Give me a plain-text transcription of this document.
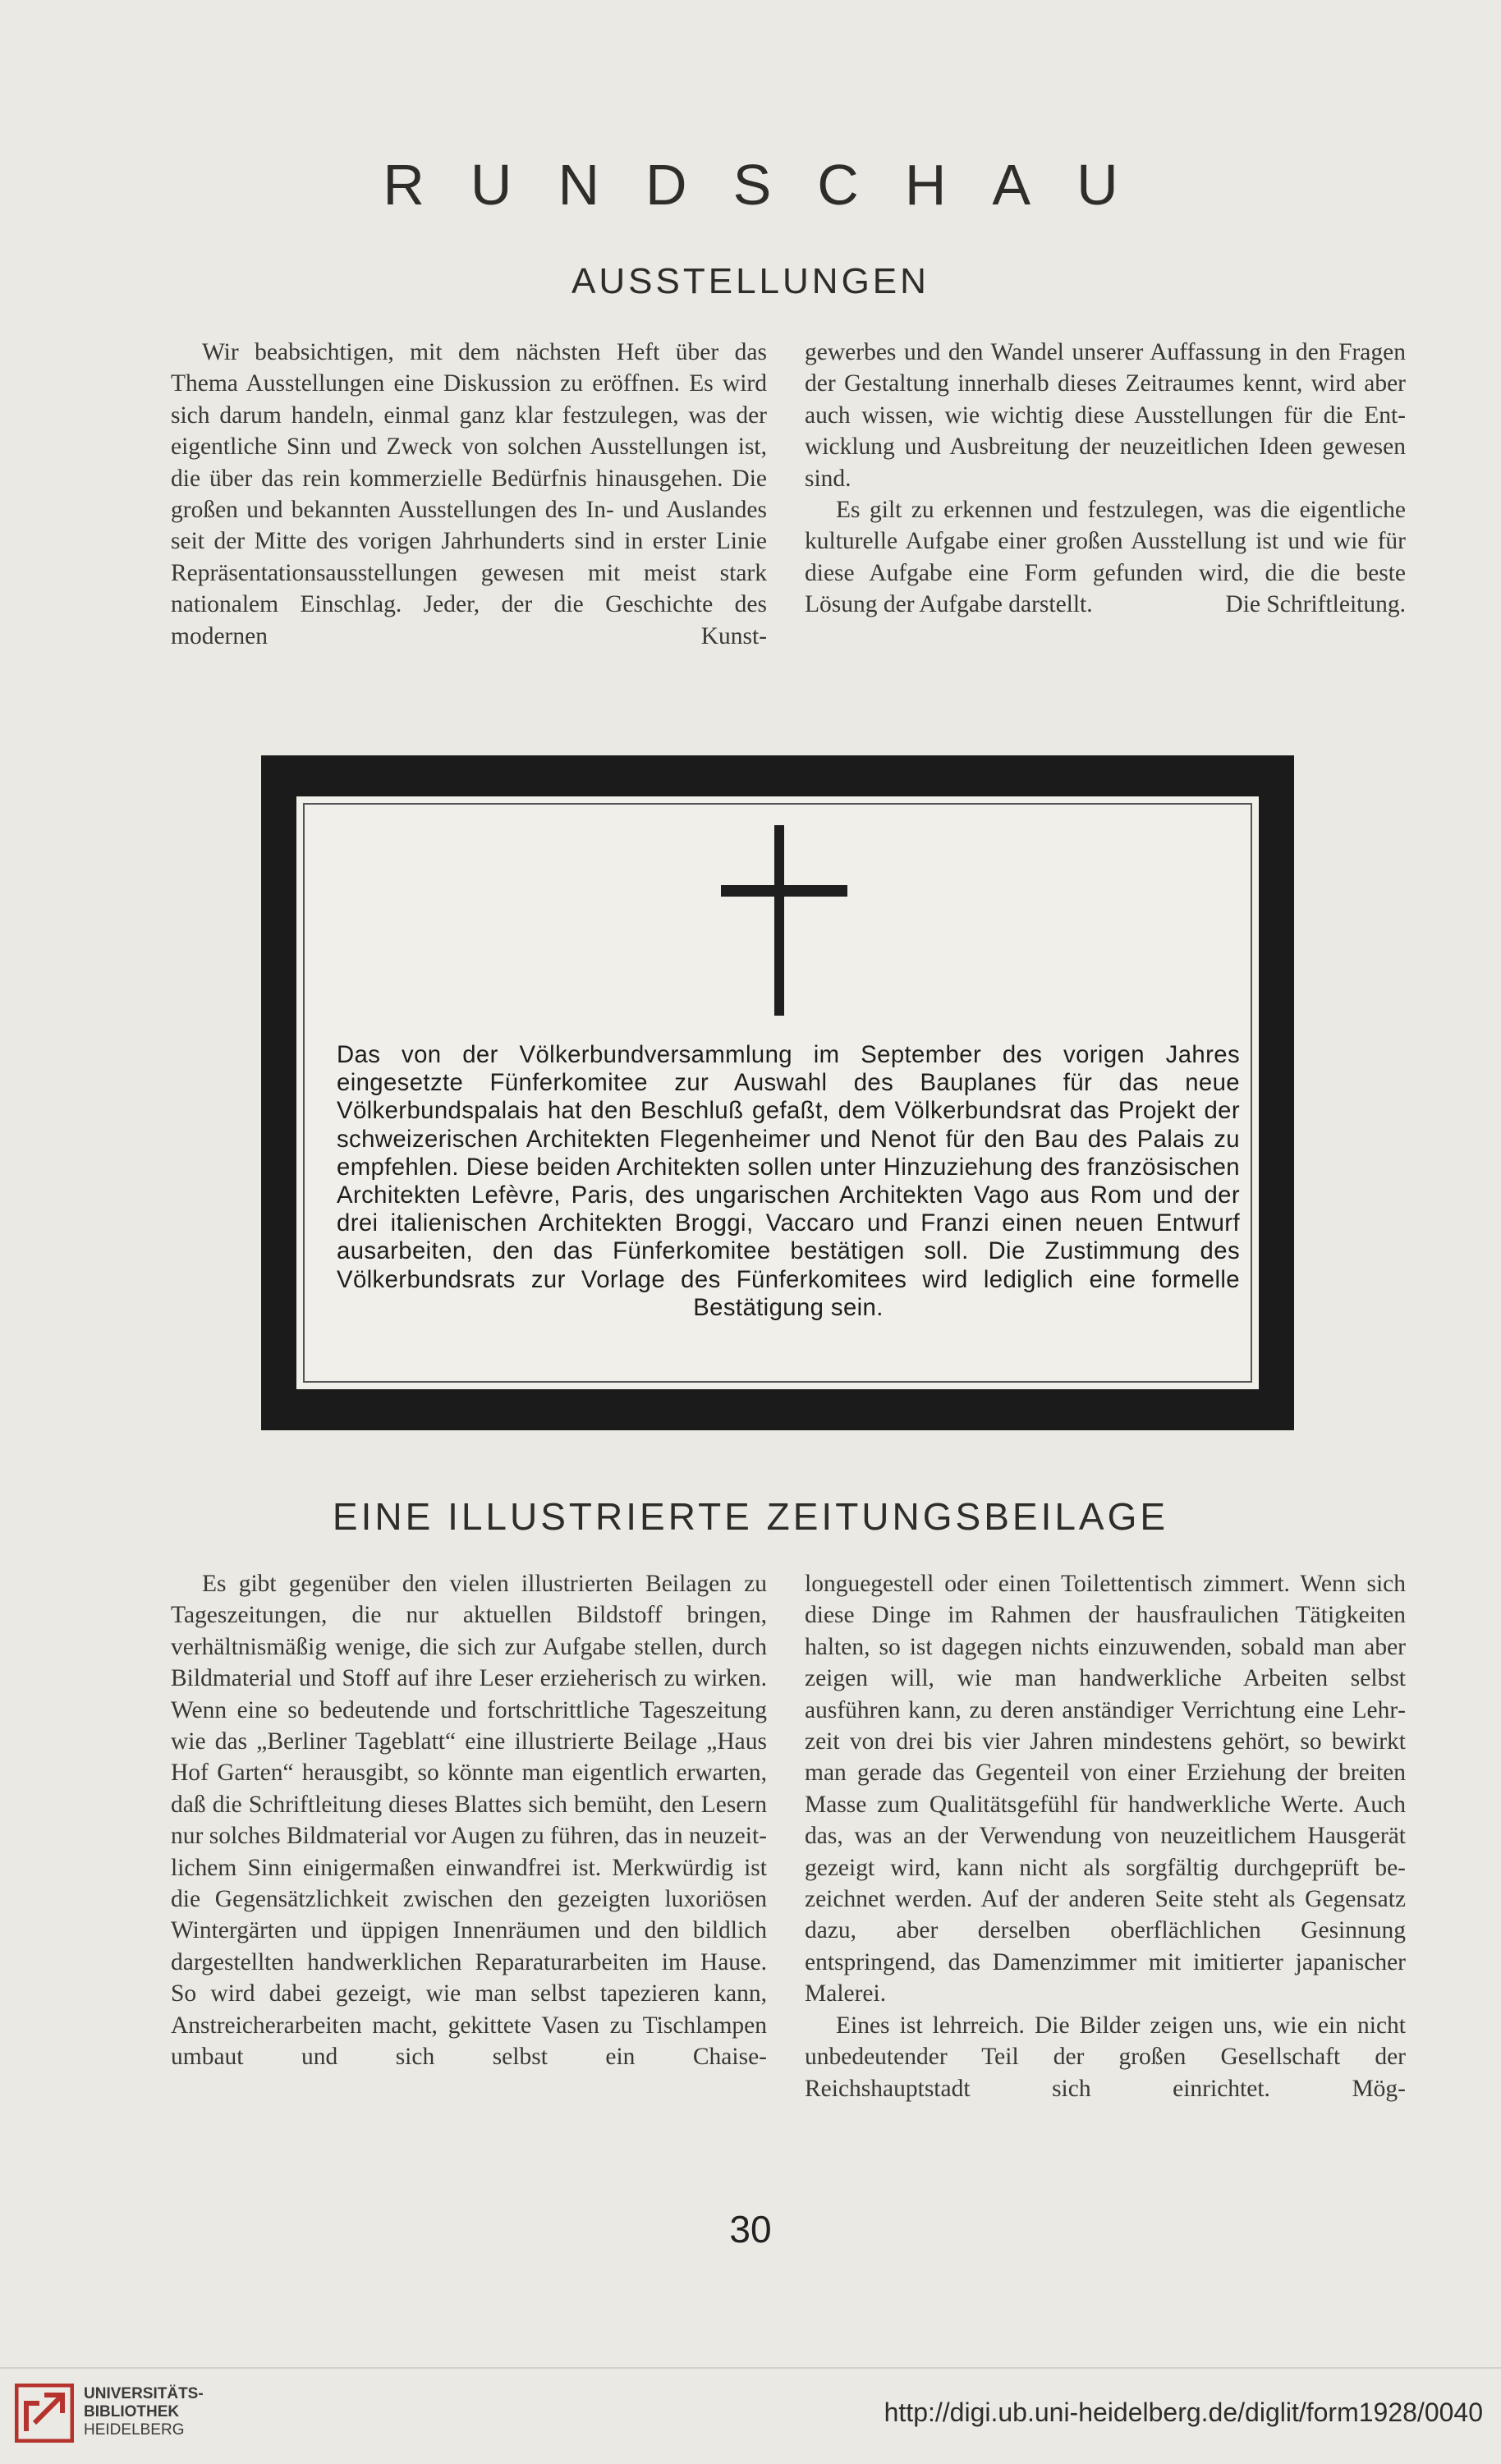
RUNDSCHAU
AUSSTELLUNGEN

Wir beabsichtigen, mit dem nächsten Heft über das Thema Ausstellungen eine Diskussion zu eröffnen. Es wird sich darum handeln, einmal ganz klar festzulegen, was der eigentliche Sinn und Zweck von solchen Ausstellungen ist, die über das rein kommerzielle Bedürfnis hinausgehen. Die großen und bekannten Ausstellungen des In- und Auslandes seit der Mitte des vorigen Jahrhunderts sind in erster Linie Repräsentationsausstellungen gewesen mit meist stark nationalem Einschlag. Jeder, der die Geschichte des modernen Kunst-

gewerbes und den Wandel unserer Auffassung in den Fragen der Gestaltung innerhalb dieses Zeitraumes kennt, wird aber auch wissen, wie wichtig diese Ausstellungen für die Entwicklung und Ausbreitung der neuzeitlichen Ideen gewesen sind.

Es gilt zu erkennen und festzulegen, was die eigentliche kulturelle Aufgabe einer großen Ausstellung ist und wie für diese Aufgabe eine Form gefunden wird, die die beste Lösung der Aufgabe darstellt.	Die Schriftleitung.

Das von der Völkerbundversammlung im September des vorigen Jahres eingesetzte Fünferkomitee zur Auswahl des Bauplanes für das neue Völkerbundspalais hat den Beschluß gefaßt, dem Völkerbundsrat das Projekt der schweizerischen Architekten Flegenheimer und Nenot für den Bau des Palais zu empfehlen. Diese beiden Architekten sollen unter Hinzuziehung des französischen Architekten Lefèvre, Paris, des ungarischen Architekten Vago aus Rom und der drei italienischen Architekten Broggi, Vaccaro und Franzi einen neuen Entwurf ausarbeiten, den das Fünferkomitee bestätigen soll. Die Zustimmung des Völkerbundsrats zur Vorlage des Fünferkomitees wird lediglich eine formelle Bestätigung sein.

EINE ILLUSTRIERTE ZEITUNGSBEILAGE

Es gibt gegenüber den vielen illustrierten Beilagen zu Tageszeitungen, die nur aktuellen Bildstoff bringen, verhältnismäßig wenige, die sich zur Aufgabe stellen, durch Bildmaterial und Stoff auf ihre Leser erzieherisch zu wirken. Wenn eine so bedeutende und fortschrittliche Tageszeitung wie das „Berliner Tageblatt“ eine illustrierte Beilage „Haus Hof Garten“ herausgibt, so könnte man eigentlich erwarten, daß die Schriftleitung dieses Blattes sich bemüht, den Lesern nur solches Bildmaterial vor Augen zu führen, das in neuzeitlichem Sinn einigermaßen einwandfrei ist. Merkwürdig ist die Gegensätzlichkeit zwischen den gezeigten luxoriösen Wintergärten und üppigen Innenräumen und den bildlich dargestellten handwerklichen Reparaturarbeiten im Hause. So wird dabei gezeigt, wie man selbst tapezieren kann, Anstreicherarbeiten macht, gekittete Vasen zu Tischlampen umbaut und sich selbst ein Chaise-

longuegestell oder einen Toilettentisch zimmert. Wenn sich diese Dinge im Rahmen der hausfraulichen Tätigkeiten halten, so ist dagegen nichts einzuwenden, sobald man aber zeigen will, wie man handwerkliche Arbeiten selbst ausführen kann, zu deren anständiger Verrichtung eine Lehrzeit von drei bis vier Jahren mindestens gehört, so bewirkt man gerade das Gegenteil von einer Erziehung der breiten Masse zum Qualitätsgefühl für handwerkliche Werte. Auch das, was an der Verwendung von neuzeitlichem Hausgerät gezeigt wird, kann nicht als sorgfältig durchgeprüft bezeichnet werden. Auf der anderen Seite steht als Gegensatz dazu, aber derselben oberflächlichen Gesinnung entspringend, das Damenzimmer mit imitierter japanischer Malerei.

Eines ist lehrreich. Die Bilder zeigen uns, wie ein nicht unbedeutender Teil der großen Gesellschaft der Reichshauptstadt sich einrichtet. Mög-

30
UNIVERSITÄTS-
BIBLIOTHEK
HEIDELBERG
http://digi.ub.uni-heidelberg.de/diglit/form1928/0040
